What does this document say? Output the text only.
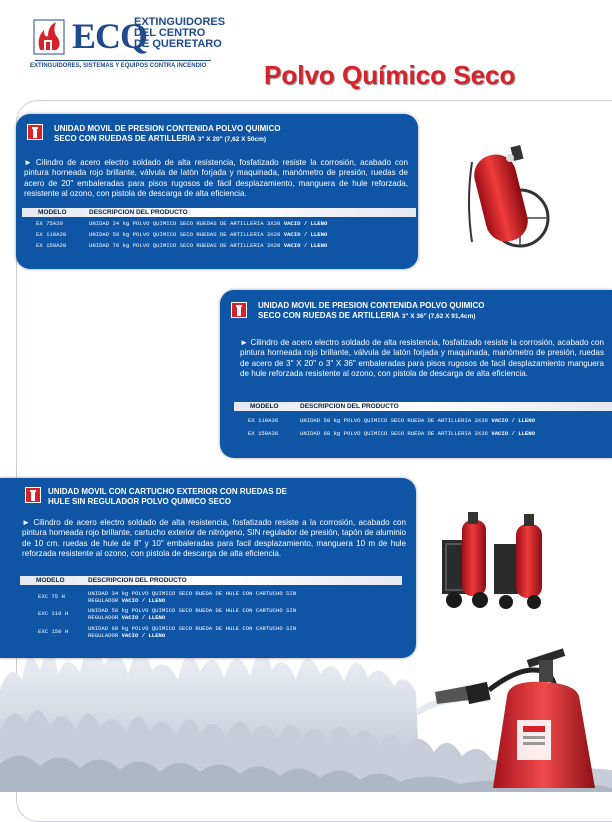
ECQ
EXTINGUIDORES
DEL CENTRO
DE QUERETARO
EXTINGUIDORES, SISTEMAS Y EQUIPOS CONTRA INCENDIO Polvo Químico Seco
UNIDAD MOVIL DE PRESION CONTENIDA POLVO QUIMICO
SECO CON RUEDAS DE ARTILLERIA 3" X 20" (7,62 X 50cm)
► Cilindro de acero electro soldado de alta resistencia, fosfatizado resiste la corrosión, acabado con pintura horneada rojo brillante, válvula de latón forjada y maquinada, manómetro de presión, ruedas de acero de 20" embaleradas para pisos rugosos de fácil desplazamiento, manguera de hule reforzada, resistente al ozono, con pistola de descarga de alta eficiencia.
MODELO	DESCRIPCION DEL PRODUCTO
EX 75A20	UNIDAD 34 kg POLVO QUIMICO SECO RUEDAS DE ARTILLERIA 3X20 VACIO / LLENO
EX 110A20	UNIDAD 50 kg POLVO QUIMICO SECO RUEDAS DE ARTILLERIA 3X20 VACIO / LLENO
EX 150A20	UNIDAD 70 kg POLVO QUIMICO SECO RUEDAS DE ARTILLERIA 3X20 VACIO / LLENO
UNIDAD MOVIL DE PRESION CONTENIDA POLVO QUIMICO
SECO CON RUEDAS DE ARTILLERIA 3" X 36" (7,62 X 91,4cm)
► Cilindro de acero electro soldado de alta resistencia, fosfatizado resiste la corrosión, acabado con pintura horneada rojo brillante, válvula de latón forjada y maquinada, manómetro de presión, ruedas de acero de 3" X 20" o 3" X 36" embaleradas para pisos rugosos de facil desplazamiento manguera de hule reforzada resistente al ozono, con pistola de descarga de alta eficiencia.
MODELO	DESCRIPCION DEL PRODUCTO
EX 110A36	UNIDAD 50 kg POLVO QUIMICO SECO RUEDA DE ARTILLERIA 3X36 VACIO / LLENO
EX 150A36	UNIDAD 68 kg POLVO QUIMICO SECO RUEDA DE ARTILLERIA 3X36 VACIO / LLENO
UNIDAD MOVIL CON CARTUCHO EXTERIOR CON RUEDAS DE
HULE SIN REGULADOR POLVO QUIMICO SECO
► Cilindro de acero electro soldado de alta resistencia, fosfatizado resiste a la corrosión, acabado con pintura horneada rojo brillante, cartucho exterior de nitrógeno, SIN regulador de presión, tapón de aluminio de 10 cm. ruedas de hule de 8" y 10" embaleradas para facil desplazamiento, manguera 10 m de hule reforzada resistente al ozono, con pistola de descarga de alta eficiencia.
MODELO	DESCRIPCION DEL PRODUCTO
EXC 75 H	UNIDAD 34 kg POLVO QUIMICO SECO RUEDA DE HULE CON CARTUCHO SIN
REGULADOR VACIO / LLENO
EXC 110 H	UNIDAD 50 kg POLVO QUIMICO SECO RUEDA DE HULE CON CARTUCHO SIN
REGULADOR VACIO / LLENO
EXC 150 H	UNIDAD 68 kg POLVO QUIMICO SECO RUEDA DE HULE CON CARTUCHO SIN
REGULADOR VACIO / LLENO
